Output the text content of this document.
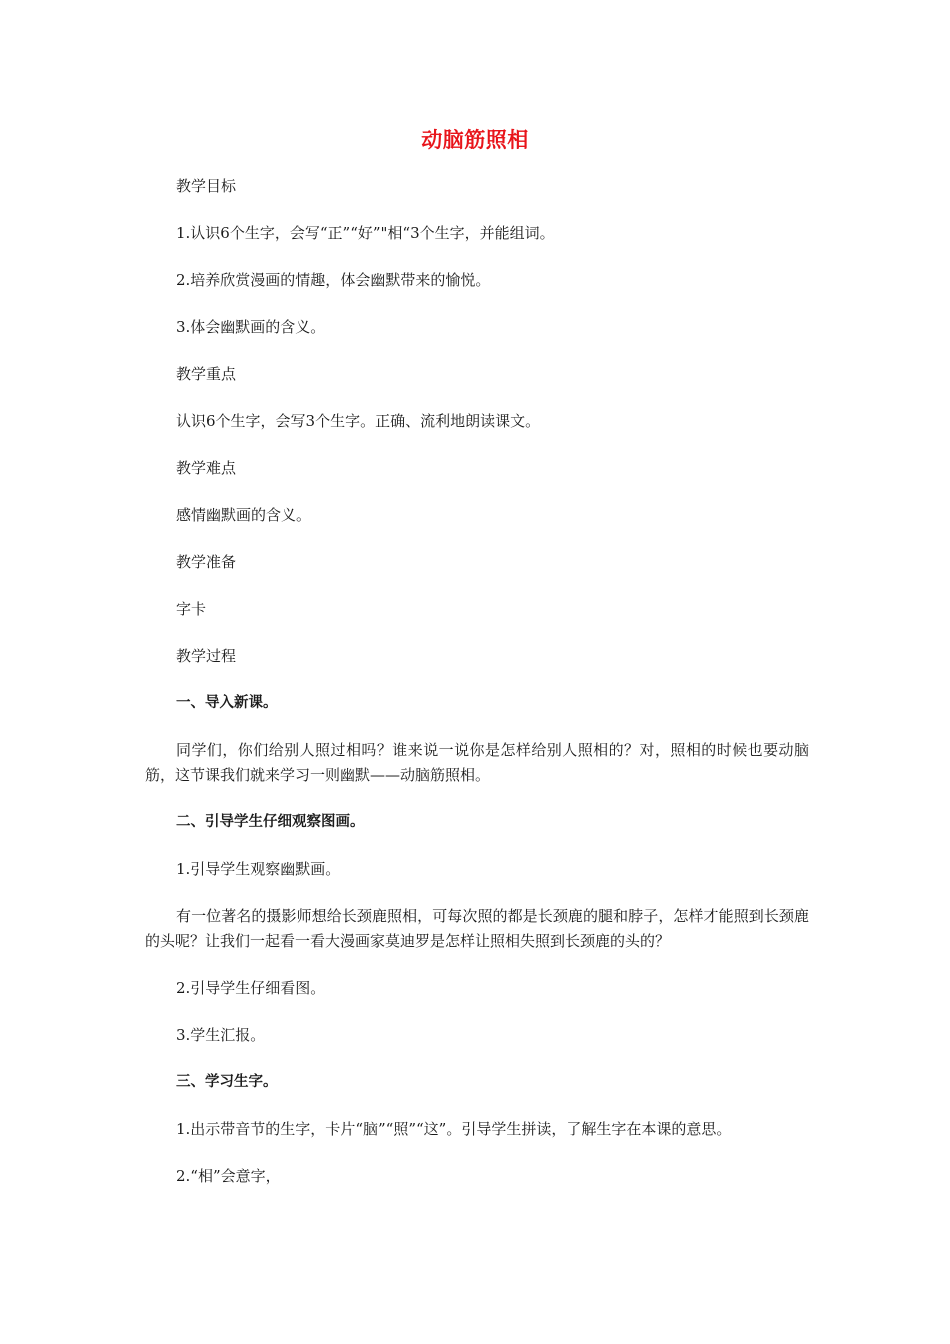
动脑筋照相

教学目标

1.认识6个生字，会写“正”“好”"相“3个生字，并能组词。

2.培养欣赏漫画的情趣，体会幽默带来的愉悦。

3.体会幽默画的含义。

教学重点

认识6个生字，会写3个生字。正确、流利地朗读课文。

教学难点

感情幽默画的含义。

教学准备

字卡

教学过程

一、导入新课。

同学们，你们给别人照过相吗？谁来说一说你是怎样给别人照相的？对，照相的时候也要动脑筋，这节课我们就来学习一则幽默——动脑筋照相。

二、引导学生仔细观察图画。

1.引导学生观察幽默画。

有一位著名的摄影师想给长颈鹿照相，可每次照的都是长颈鹿的腿和脖子，怎样才能照到长颈鹿的头呢？让我们一起看一看大漫画家莫迪罗是怎样让照相失照到长颈鹿的头的？

2.引导学生仔细看图。

3.学生汇报。

三、学习生字。

1.出示带音节的生字，卡片“脑”“照”“这”。引导学生拼读，了解生字在本课的意思。

2.“相”会意字，
